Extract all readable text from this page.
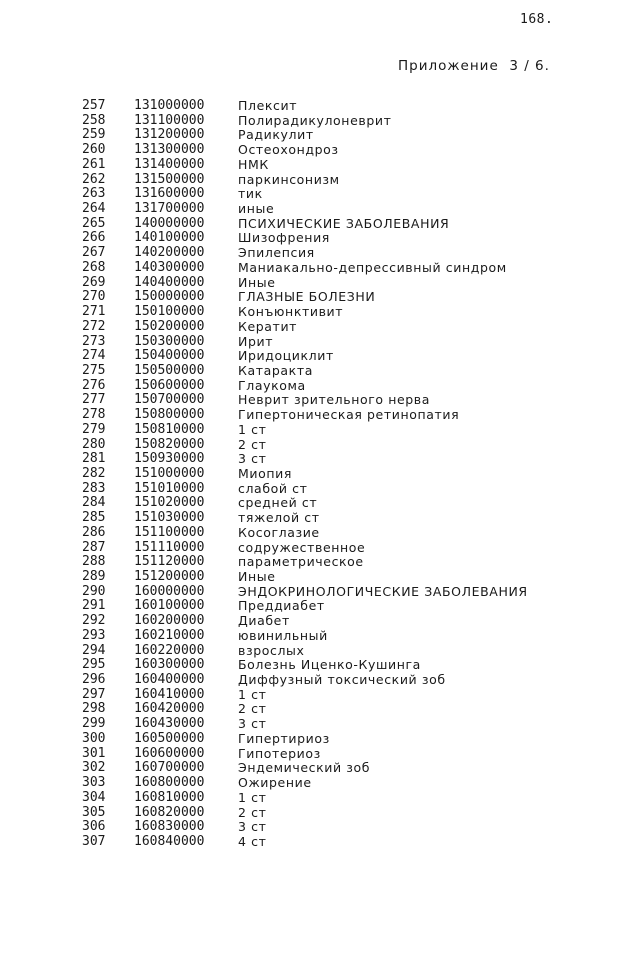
168.
Приложение  3 / 6.
257	131000000	Плексит
258	131100000	Полирадикулоневрит
259	131200000	Радикулит
260	131300000	Остеохондроз
261	131400000	НМК
262	131500000	паркинсонизм
263	131600000	тик
264	131700000	иные
265	140000000	ПСИХИЧЕСКИЕ ЗАБОЛЕВАНИЯ
266	140100000	Шизофрения
267	140200000	Эпилепсия
268	140300000	Маниакально-депрессивный синдром
269	140400000	Иные
270	150000000	ГЛАЗНЫЕ БОЛЕЗНИ
271	150100000	Конъюнктивит
272	150200000	Кератит
273	150300000	Ирит
274	150400000	Иридоциклит
275	150500000	Катаракта
276	150600000	Глаукома
277	150700000	Неврит зрительного нерва
278	150800000	Гипертоническая ретинопатия
279	150810000	1 ст
280	150820000	2 ст
281	150930000	3 ст
282	151000000	Миопия
283	151010000	слабой ст
284	151020000	средней ст
285	151030000	тяжелой ст
286	151100000	Косоглазие
287	151110000	содружественное
288	151120000	параметрическое
289	151200000	Иные
290	160000000	ЭНДОКРИНОЛОГИЧЕСКИЕ ЗАБОЛЕВАНИЯ
291	160100000	Преддиабет
292	160200000	Диабет
293	160210000	ювинильный
294	160220000	взрослых
295	160300000	Болезнь Иценко-Кушинга
296	160400000	Диффузный токсический зоб
297	160410000	1 ст
298	160420000	2 ст
299	160430000	3 ст
300	160500000	Гипертириоз
301	160600000	Гипотериоз
302	160700000	Эндемический зоб
303	160800000	Ожирение
304	160810000	1 ст
305	160820000	2 ст
306	160830000	3 ст
307	160840000	4 ст
